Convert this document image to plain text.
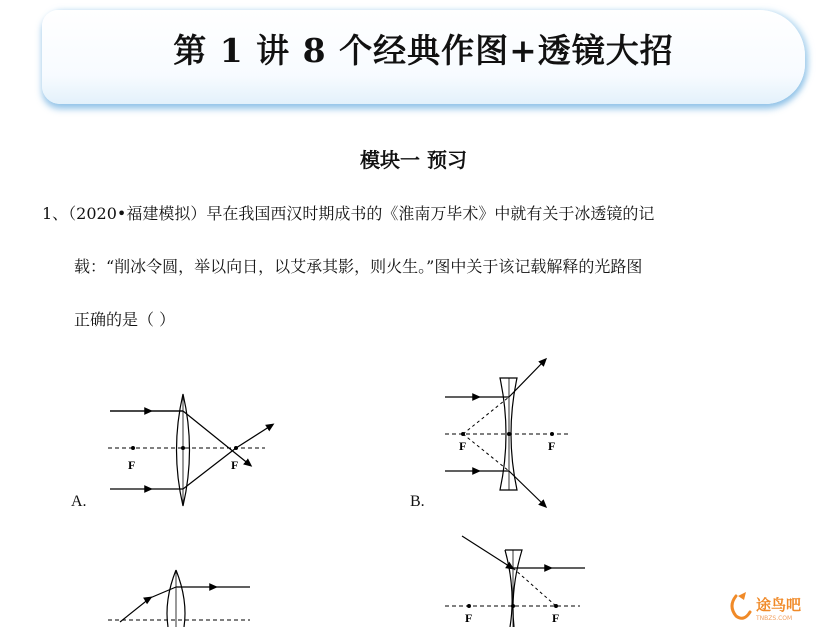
第 1 讲 8 个经典作图+透镜大招
模块一 预习
1、（2020•福建模拟）早在我国西汉时期成书的《淮南万毕术》中就有关于冰透镜的记
载：“削冰令圆，举以向日，以艾承其影，则火生。”图中关于该记载解释的光路图
正确的是（ ）
F	F
F	F
F	F
A.	B.
途鸟吧
TNBZS.COM
